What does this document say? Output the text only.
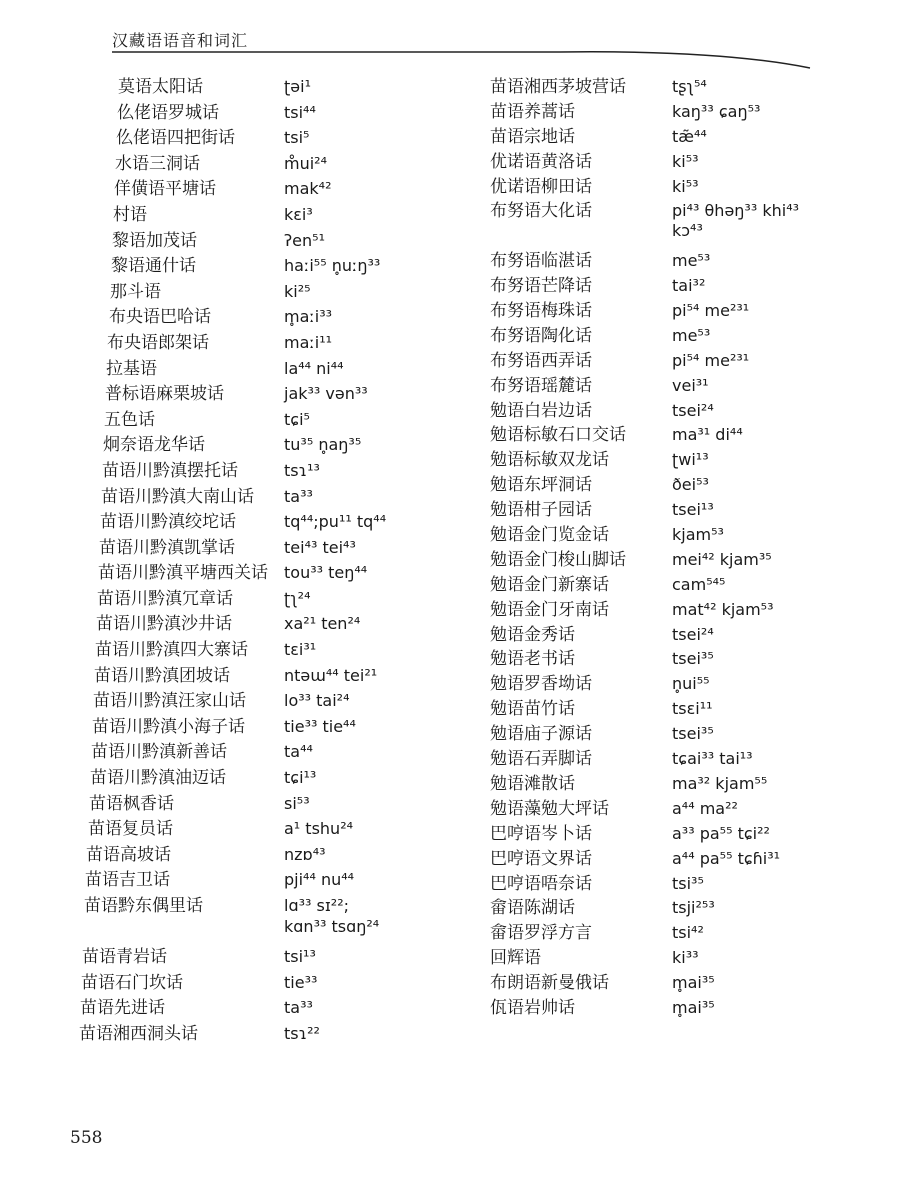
汉藏语语音和词汇
莫语太阳话	ʈəi¹
仫佬语罗城话	tsi⁴⁴
仫佬语四把街话	tsi⁵
水语三洞话	m̊ui²⁴
佯僙语平塘话	mak⁴²
村语	kɛi³
黎语加茂话	ʔen⁵¹
黎语通什话	haːi⁵⁵ n̥uːŋ³³
那斗语	ki²⁵
布央语巴哈话	m̥aːi³³
布央语郎架话	maːi¹¹
拉基语	la⁴⁴ ni⁴⁴
普标语麻栗坡话	jak³³ vən³³
五色话	tɕi⁵
炯奈语龙华话	tu³⁵ n̥aŋ³⁵
苗语川黔滇摆托话	tsɿ¹³
苗语川黔滇大南山话	ta³³
苗语川黔滇绞坨话	tq⁴⁴;pu¹¹ tq⁴⁴
苗语川黔滇凯掌话	tei⁴³ tei⁴³
苗语川黔滇平塘西关话	tou³³ teŋ⁴⁴
苗语川黔滇冗章话	ʈʅ²⁴
苗语川黔滇沙井话	xa²¹ ten²⁴
苗语川黔滇四大寨话	tɛi³¹
苗语川黔滇团坡话	ntəɯ⁴⁴ tei²¹
苗语川黔滇汪家山话	lo³³ tai²⁴
苗语川黔滇小海子话	tie³³ tie⁴⁴
苗语川黔滇新善话	ta⁴⁴
苗语川黔滇油迈话	tɕi¹³
苗语枫香话	si⁵³
苗语复员话	a¹ tshu²⁴
苗语高坡话	nzɒ⁴³
苗语吉卫话	pji⁴⁴ nu⁴⁴
苗语黔东偶里话	lɑ³³ sɪ²²;
kɑn³³ tsɑŋ²⁴
苗语青岩话	tsi¹³
苗语石门坎话	tie³³
苗语先进话	ta³³
苗语湘西洞头话	tsɿ²²
苗语湘西茅坡营话	tʂʅ⁵⁴
苗语养蒿话	kaŋ³³ ɕaŋ⁵³
苗语宗地话	tæ̃⁴⁴
优诺语黄洛话	ki⁵³
优诺语柳田话	ki⁵³
布努语大化话	pi⁴³ θhəŋ³³ khi⁴³
kɔ⁴³
布努语临湛话	me⁵³
布努语芒降话	tai³²
布努语梅珠话	pi⁵⁴ me²³¹
布努语陶化话	me⁵³
布努语西弄话	pi⁵⁴ me²³¹
布努语瑶麓话	vei³¹
勉语白岩边话	tsei²⁴
勉语标敏石口交话	ma³¹ di⁴⁴
勉语标敏双龙话	ʈwi¹³
勉语东坪洞话	ðei⁵³
勉语柑子园话	tsei¹³
勉语金门览金话	kjam⁵³
勉语金门梭山脚话	mei⁴² kjam³⁵
勉语金门新寨话	cam⁵⁴⁵
勉语金门牙南话	mat⁴² kjam⁵³
勉语金秀话	tsei²⁴
勉语老书话	tsei³⁵
勉语罗香坳话	n̥ui⁵⁵
勉语苗竹话	tsɛi¹¹
勉语庙子源话	tsei³⁵
勉语石弄脚话	tɕai³³ tai¹³
勉语滩散话	ma³² kjam⁵⁵
勉语藻勉大坪话	a⁴⁴ ma²²
巴哼语岑卜话	a³³ pa⁵⁵ tɕi²²
巴哼语文界话	a⁴⁴ pa⁵⁵ tɕɦi³¹
巴哼语唔奈话	tsi³⁵
畲语陈湖话	tsji²⁵³
畲语罗浮方言	tsi⁴²
回辉语	ki³³
布朗语新曼俄话	m̥ai³⁵
佤语岩帅话	m̥ai³⁵
558
